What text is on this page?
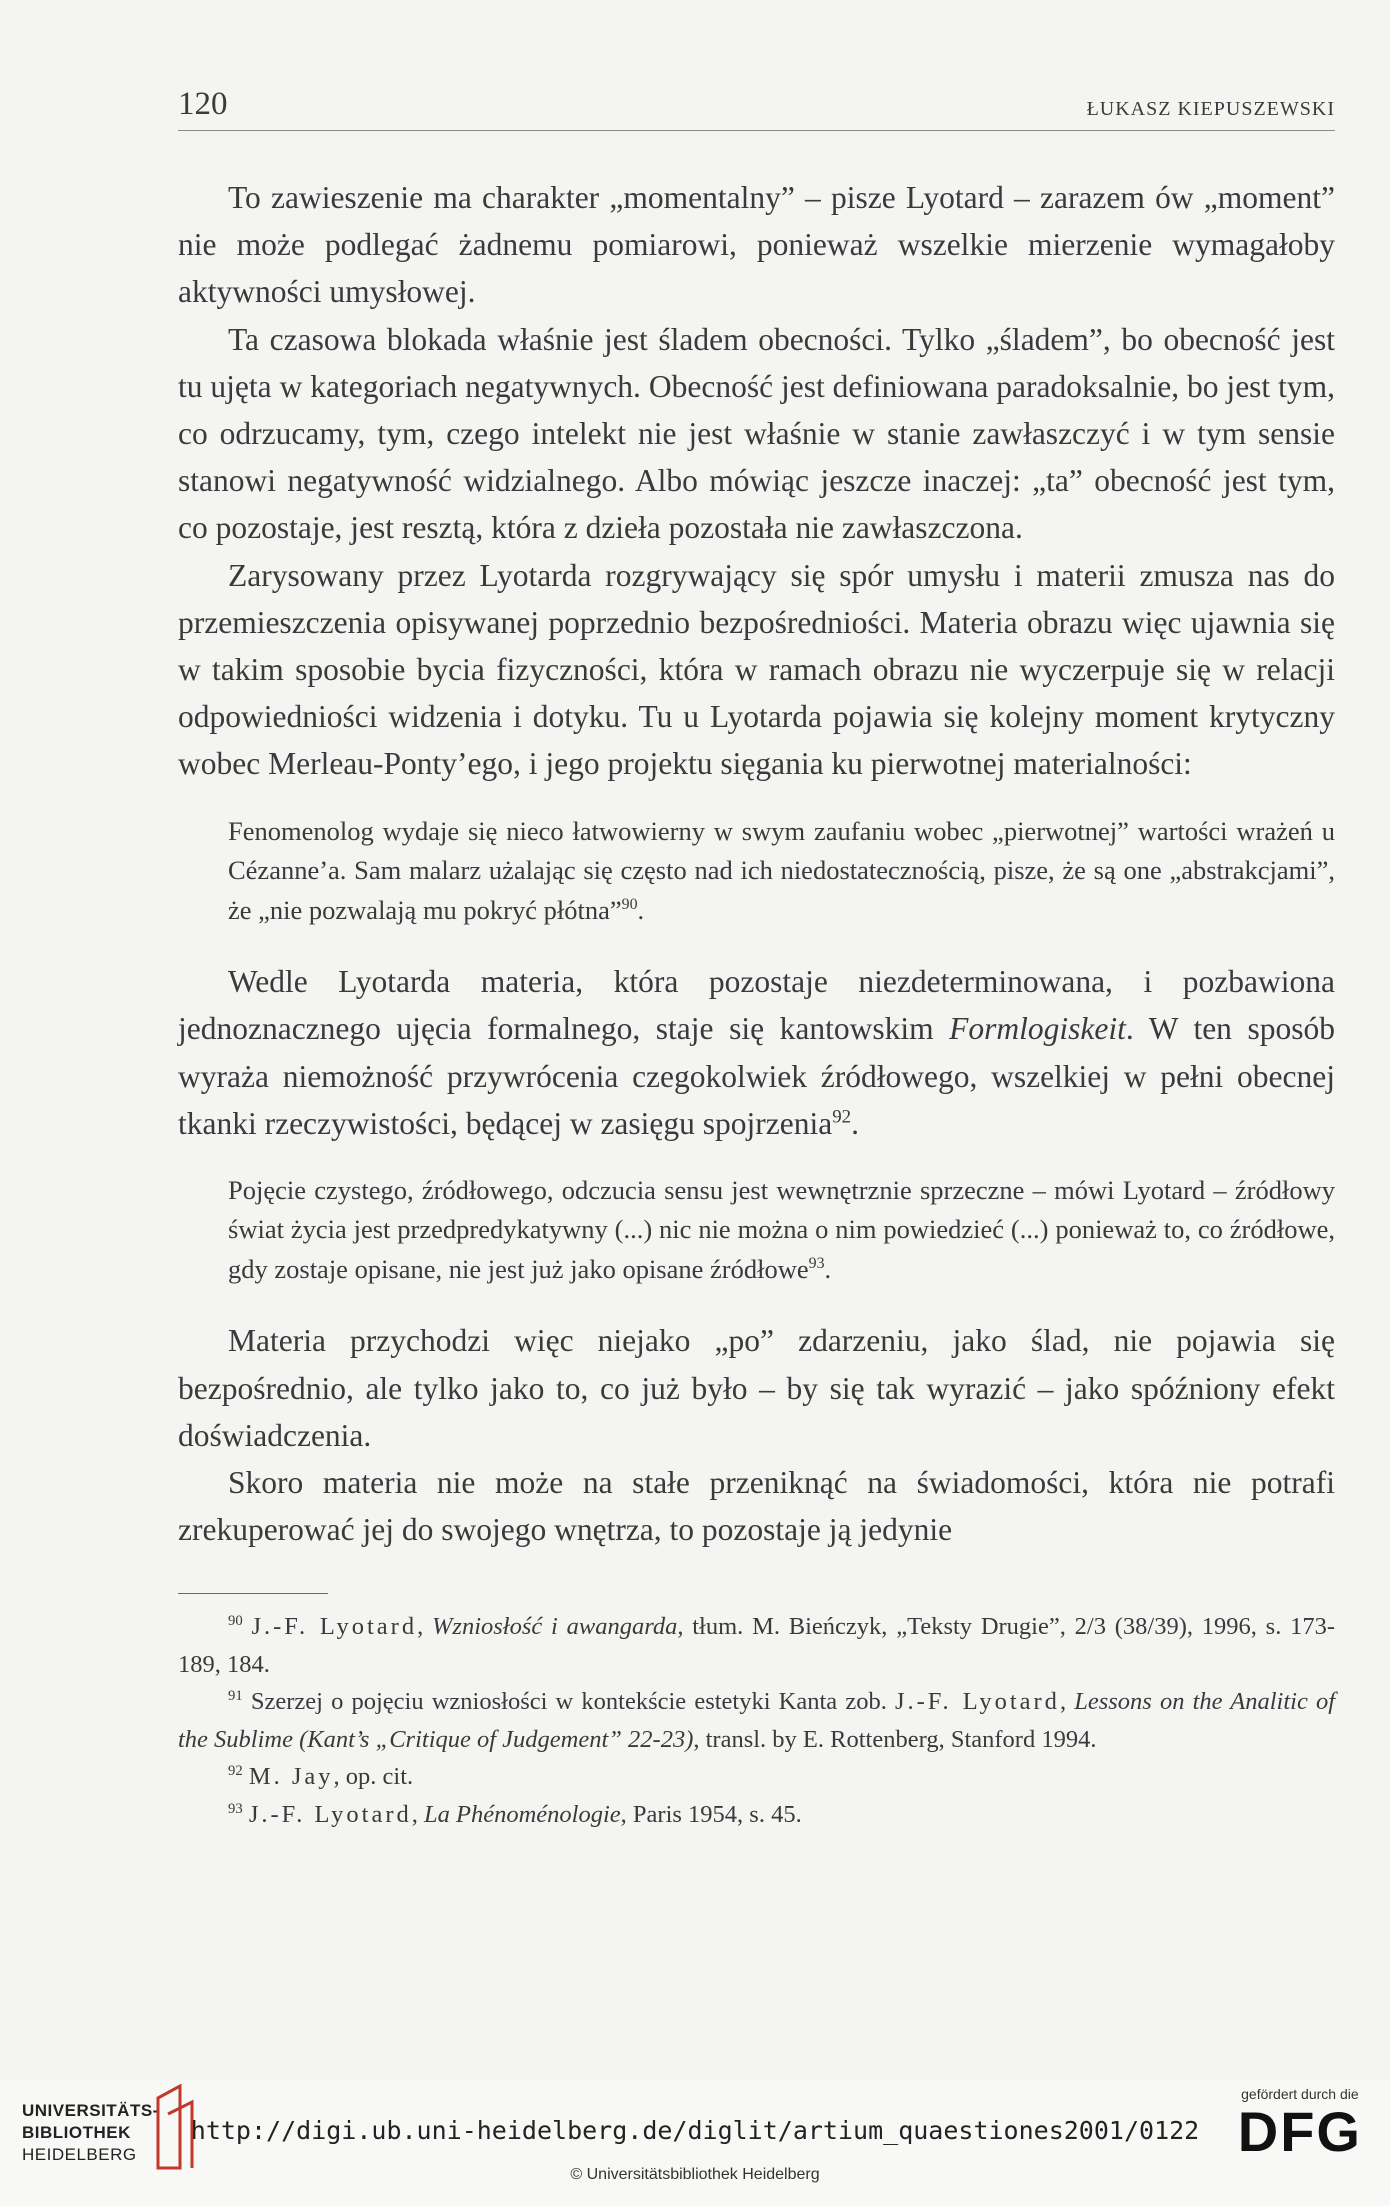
120	ŁUKASZ KIEPUSZEWSKI

To zawieszenie ma charakter „momentalny” – pisze Lyotard – zarazem ów „moment” nie może podlegać żadnemu pomiarowi, ponieważ wszelkie mierzenie wymagałoby aktywności umysłowej.

Ta czasowa blokada właśnie jest śladem obecności. Tylko „śladem”, bo obecność jest tu ujęta w kategoriach negatywnych. Obecność jest definiowana paradoksalnie, bo jest tym, co odrzucamy, tym, czego intelekt nie jest właśnie w stanie zawłaszczyć i w tym sensie stanowi negatywność widzialnego. Albo mówiąc jeszcze inaczej: „ta” obecność jest tym, co pozostaje, jest resztą, która z dzieła pozostała nie zawłaszczona.

Zarysowany przez Lyotarda rozgrywający się spór umysłu i materii zmusza nas do przemieszczenia opisywanej poprzednio bezpośredniości. Materia obrazu więc ujawnia się w takim sposobie bycia fizyczności, która w ramach obrazu nie wyczerpuje się w relacji odpowiedniości widzenia i dotyku. Tu u Lyotarda pojawia się kolejny moment krytyczny wobec Merleau-Ponty’ego, i jego projektu sięgania ku pierwotnej materialności:

Fenomenolog wydaje się nieco łatwowierny w swym zaufaniu wobec „pierwotnej” wartości wrażeń u Cézanne’a. Sam malarz użalając się często nad ich niedostatecznością, pisze, że są one „abstrakcjami”, że „nie pozwalają mu pokryć płótna”$^{90}$.

Wedle Lyotarda materia, która pozostaje niezdeterminowana, i pozbawiona jednoznacznego ujęcia formalnego, staje się kantowskim Formlogiskeit. W ten sposób wyraża niemożność przywrócenia czegokolwiek źródłowego, wszelkiej w pełni obecnej tkanki rzeczywistości, będącej w zasięgu spojrzenia$^{92}$.

Pojęcie czystego, źródłowego, odczucia sensu jest wewnętrznie sprzeczne – mówi Lyotard – źródłowy świat życia jest przedpredykatywny (...) nic nie można o nim powiedzieć (...) ponieważ to, co źródłowe, gdy zostaje opisane, nie jest już jako opisane źródłowe$^{93}$.

Materia przychodzi więc niejako „po” zdarzeniu, jako ślad, nie pojawia się bezpośrednio, ale tylko jako to, co już było – by się tak wyrazić – jako spóźniony efekt doświadczenia.

Skoro materia nie może na stałe przeniknąć na świadomości, która nie potrafi zrekuperować jej do swojego wnętrza, to pozostaje ją jedynie

$^{90}$ J.-F. Lyotard, Wzniosłość i awangarda, tłum. M. Bieńczyk, „Teksty Drugie”, 2/3 (38/39), 1996, s. 173-189, 184.

$^{91}$ Szerzej o pojęciu wzniosłości w kontekście estetyki Kanta zob. J.-F. Lyotard, Lessons on the Analitic of the Sublime (Kant’s „Critique of Judgement” 22-23), transl. by E. Rottenberg, Stanford 1994.

$^{92}$ M. Jay, op. cit.

$^{93}$ J.-F. Lyotard, La Phénoménologie, Paris 1954, s. 45.

UNIVERSITÄTS-
BIBLIOTHEK
HEIDELBERG
http://digi.ub.uni-heidelberg.de/diglit/artium_quaestiones2001/0122
© Universitätsbibliothek Heidelberg
gefördert durch die
DFG
